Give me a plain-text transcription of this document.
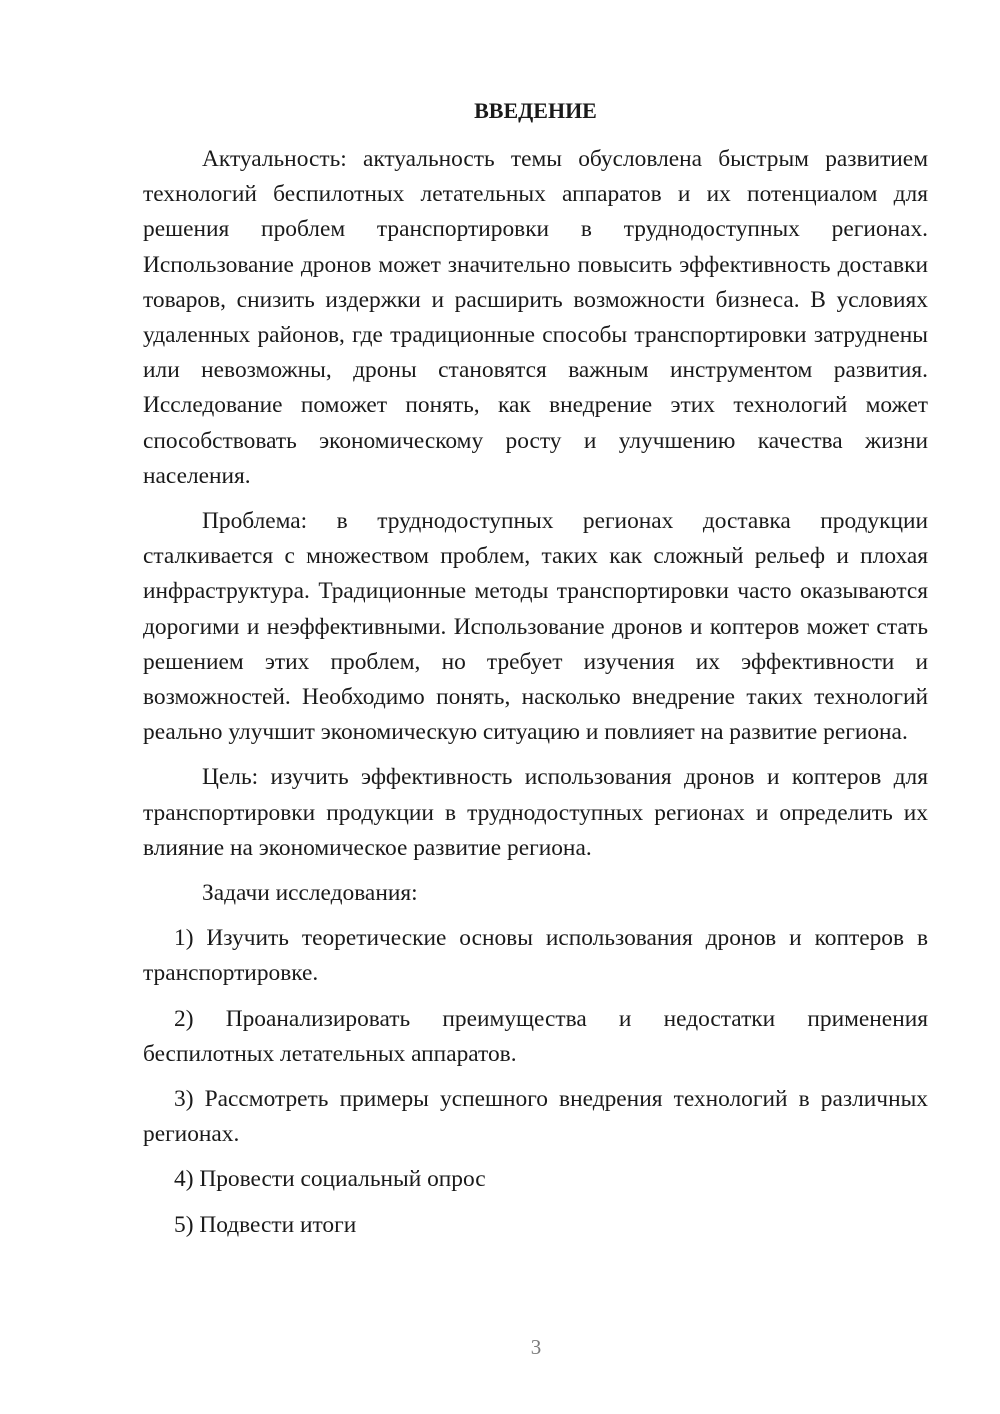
ВВЕДЕНИЕ

Актуальность: актуальность темы обусловлена быстрым развитием технологий беспилотных летательных аппаратов и их потенциалом для решения проблем транспортировки в труднодоступных регионах. Использование дронов может значительно повысить эффективность доставки товаров, снизить издержки и расширить возможности бизнеса. В условиях удаленных районов, где традиционные способы транспортировки затруднены или невозможны, дроны становятся важным инструментом развития. Исследование поможет понять, как внедрение этих технологий может способствовать экономическому росту и улучшению качества жизни населения.

Проблема: в труднодоступных регионах доставка продукции сталкивается с множеством проблем, таких как сложный рельеф и плохая инфраструктура. Традиционные методы транспортировки часто оказываются дорогими и неэффективными. Использование дронов и коптеров может стать решением этих проблем, но требует изучения их эффективности и возможностей. Необходимо понять, насколько внедрение таких технологий реально улучшит экономическую ситуацию и повлияет на развитие региона.

Цель: изучить эффективность использования дронов и коптеров для транспортировки продукции в труднодоступных регионах и определить их влияние на экономическое развитие региона.

Задачи исследования:

1) Изучить теоретические основы использования дронов и коптеров в транспортировке.

2) Проанализировать преимущества и недостатки применения беспилотных летательных аппаратов.

3) Рассмотреть примеры успешного внедрения технологий в различных регионах.

4) Провести социальный опрос

5) Подвести итоги

3
